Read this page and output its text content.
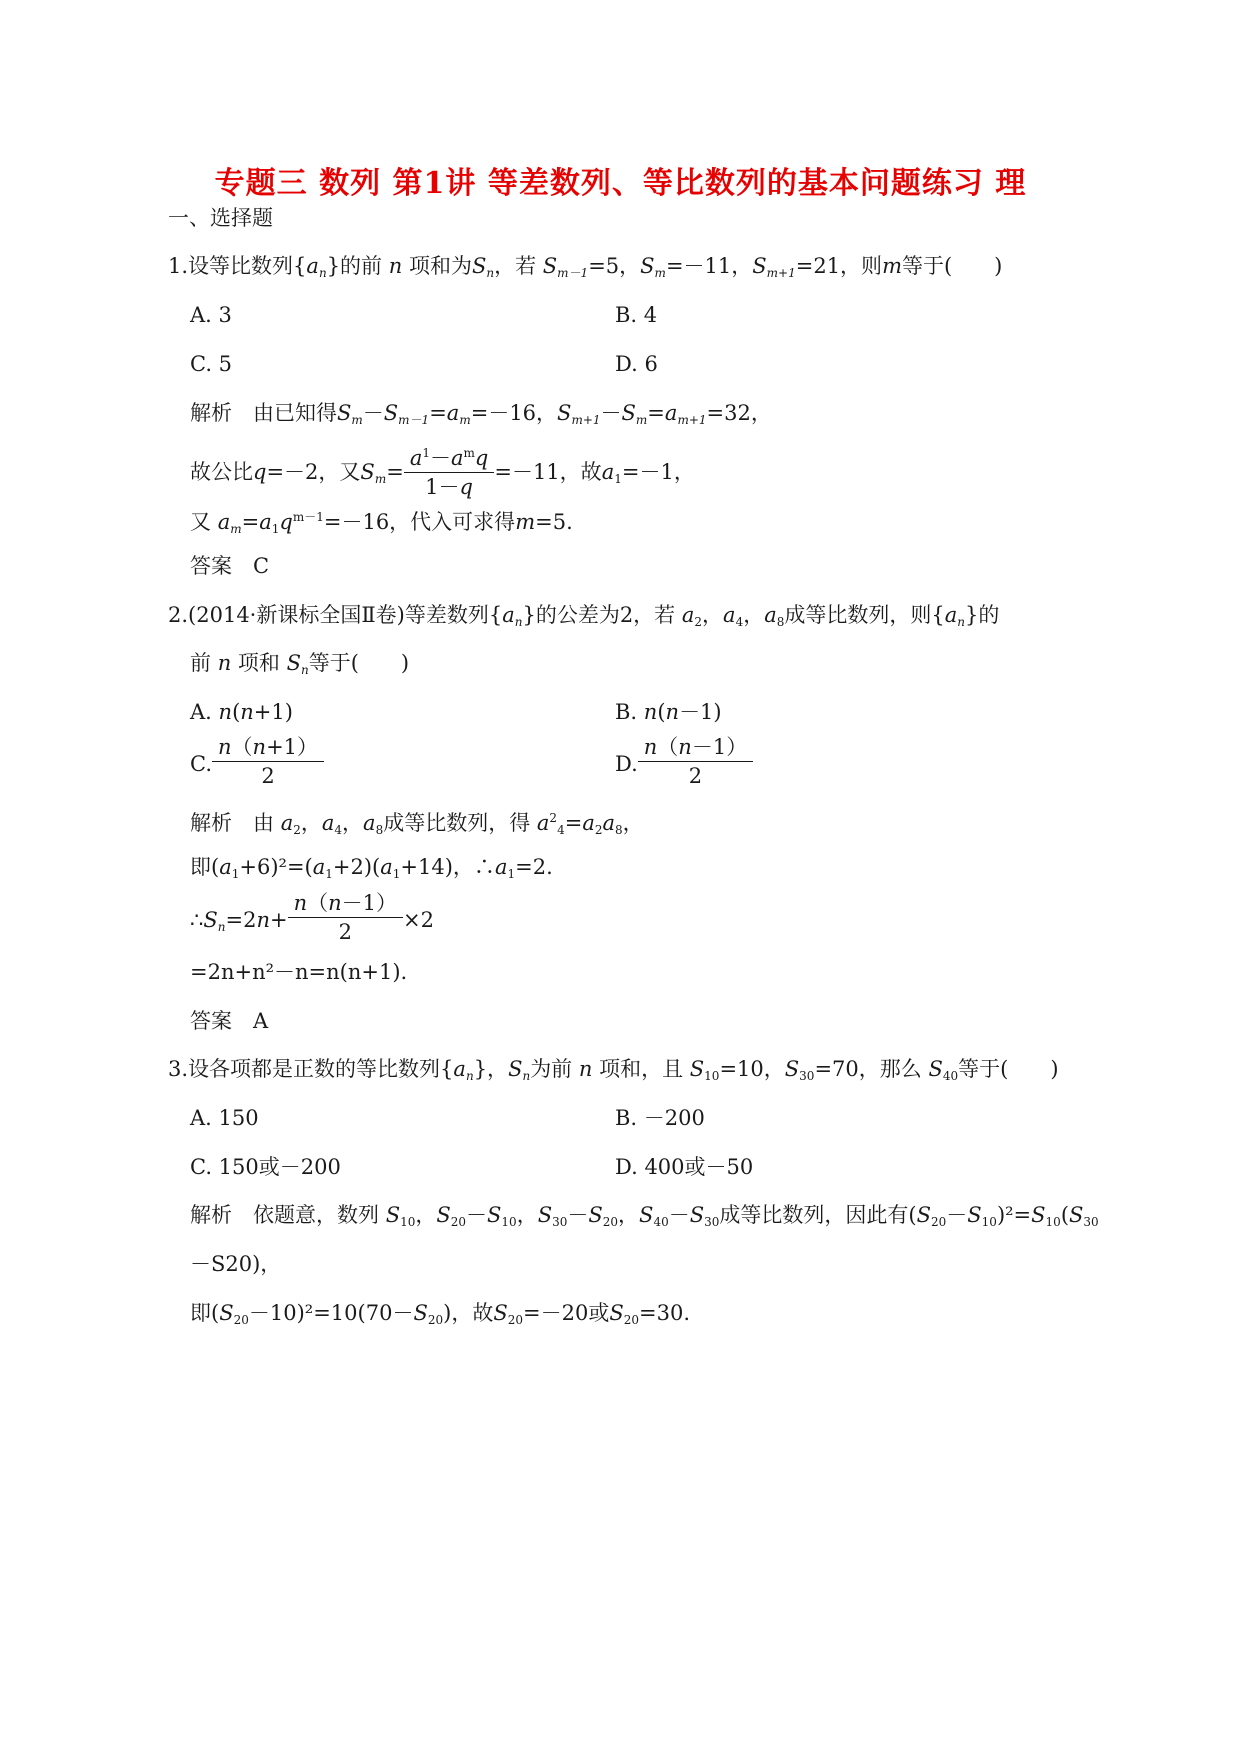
专题三 数列 第1讲 等差数列、等比数列的基本问题练习 理
一、选择题
1.设等比数列$\{a_n\}$的前 n 项和为$S_n$，若 $S_{m-1}=5$，$S_m=-11$，$S_{m+1}=21$，则m等于(　　)
A. 3	B. 4
C. 5	D. 6
解析　 由已知得$S_m-S_{m-1}=a_m=-16$，$S_{m+1}-S_m=a_{m+1}=32$，
故公比q=－2，又$S_m= \frac{a^1-a^mq}{1-q} =-11$，故$a_1=-1$，
又 $a_m=a_1q^{m-1}=-16$，代入可求得m=5.
答案　C
2.(2014·新课标全国Ⅱ卷)等差数列$\{a_n\}$的公差为2，若 $a_2$，$a_4$，$a_8$成等比数列，则$\{a_n\}$的
前 n 项和 $S_n$等于(　　)
A. n(n+1)	B. n(n－1)
C. $\frac{n(n+1)}{2}$	D. $\frac{n(n-1)}{2}$
解析　 由 $a_2$，$a_4$，$a_8$成等比数列，得 $a^2_4=a_2a_8$，
即$(a_1+6)^2=(a_1+2)(a_1+14)$，$\therefore a_1=2$.
$\therefore S_n=2n+ \frac{n(n-1)}{2} \times 2$
=2n+n²－n=n(n+1).
答案　A
3.设各项都是正数的等比数列$\{a_n\}$，$S_n$为前 n 项和，且 $S_{10}=10$，$S_{30}=70$，那么 $S_{40}$等于(　　)
A. 150	B. －200
C. 150或－200	D. 400或－50
解析　 依题意，数列 $S_{10}$，$S_{20}-S_{10}$，$S_{30}-S_{20}$，$S_{40}-S_{30}$成等比数列，因此有$(S_{20}-S_{10})^2=S_{10}(S_{30}$
－S20)，
即$(S_{20}-10)^2=10(70-S_{20})$，故$S_{20}=-20$或$S_{20}=30$.
